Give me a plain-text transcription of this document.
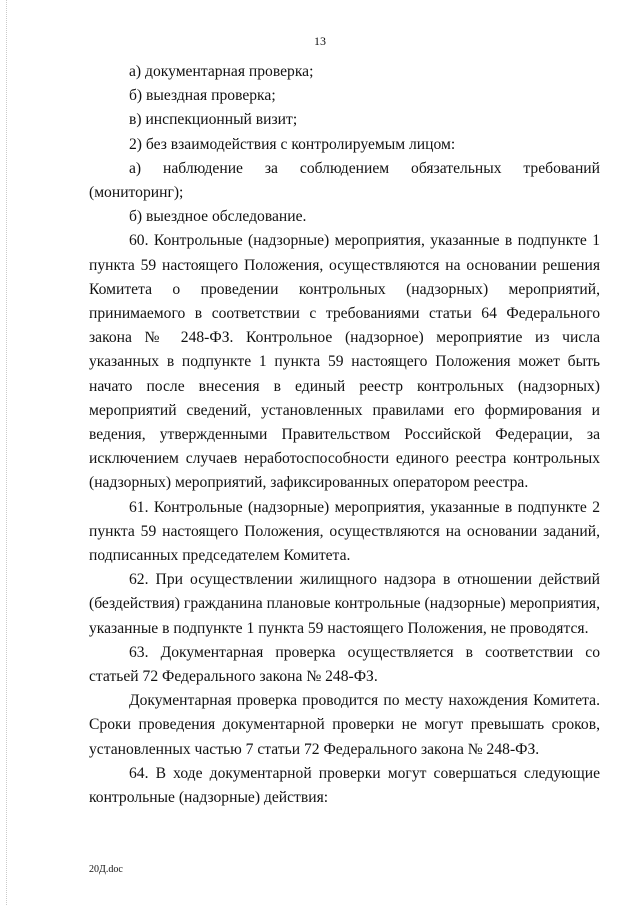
13

а) документарная проверка;

б) выездная проверка;

в) инспекционный визит;

2) без взаимодействия с контролируемым лицом:

а) наблюдение за соблюдением обязательных требований (мониторинг);

б) выездное обследование.

60. Контрольные (надзорные) мероприятия, указанные в подпункте 1 пункта 59 настоящего Положения, осуществляются на основании решения Комитета о проведении контрольных (надзорных) мероприятий, принимаемого в соответствии с требованиями статьи 64 Федерального закона № 248-ФЗ. Контрольное (надзорное) мероприятие из числа указанных в подпункте 1 пункта 59 настоящего Положения может быть начато после внесения в единый реестр контрольных (надзорных) мероприятий сведений, установленных правилами его формирования и ведения, утвержденными Правительством Российской Федерации, за исключением случаев неработоспособности единого реестра контрольных (надзорных) мероприятий, зафиксированных оператором реестра.

61. Контрольные (надзорные) мероприятия, указанные в подпункте 2 пункта 59 настоящего Положения, осуществляются на основании заданий, подписанных председателем Комитета.

62. При осуществлении жилищного надзора в отношении действий (бездействия) гражданина плановые контрольные (надзорные) мероприятия, указанные в подпункте 1 пункта 59 настоящего Положения, не проводятся.

63. Документарная проверка осуществляется в соответствии со статьей 72 Федерального закона № 248-ФЗ.

Документарная проверка проводится по месту нахождения Комитета. Сроки проведения документарной проверки не могут превышать сроков, установленных частью 7 статьи 72 Федерального закона № 248-ФЗ.

64. В ходе документарной проверки могут совершаться следующие контрольные (надзорные) действия:

20Д.doc
